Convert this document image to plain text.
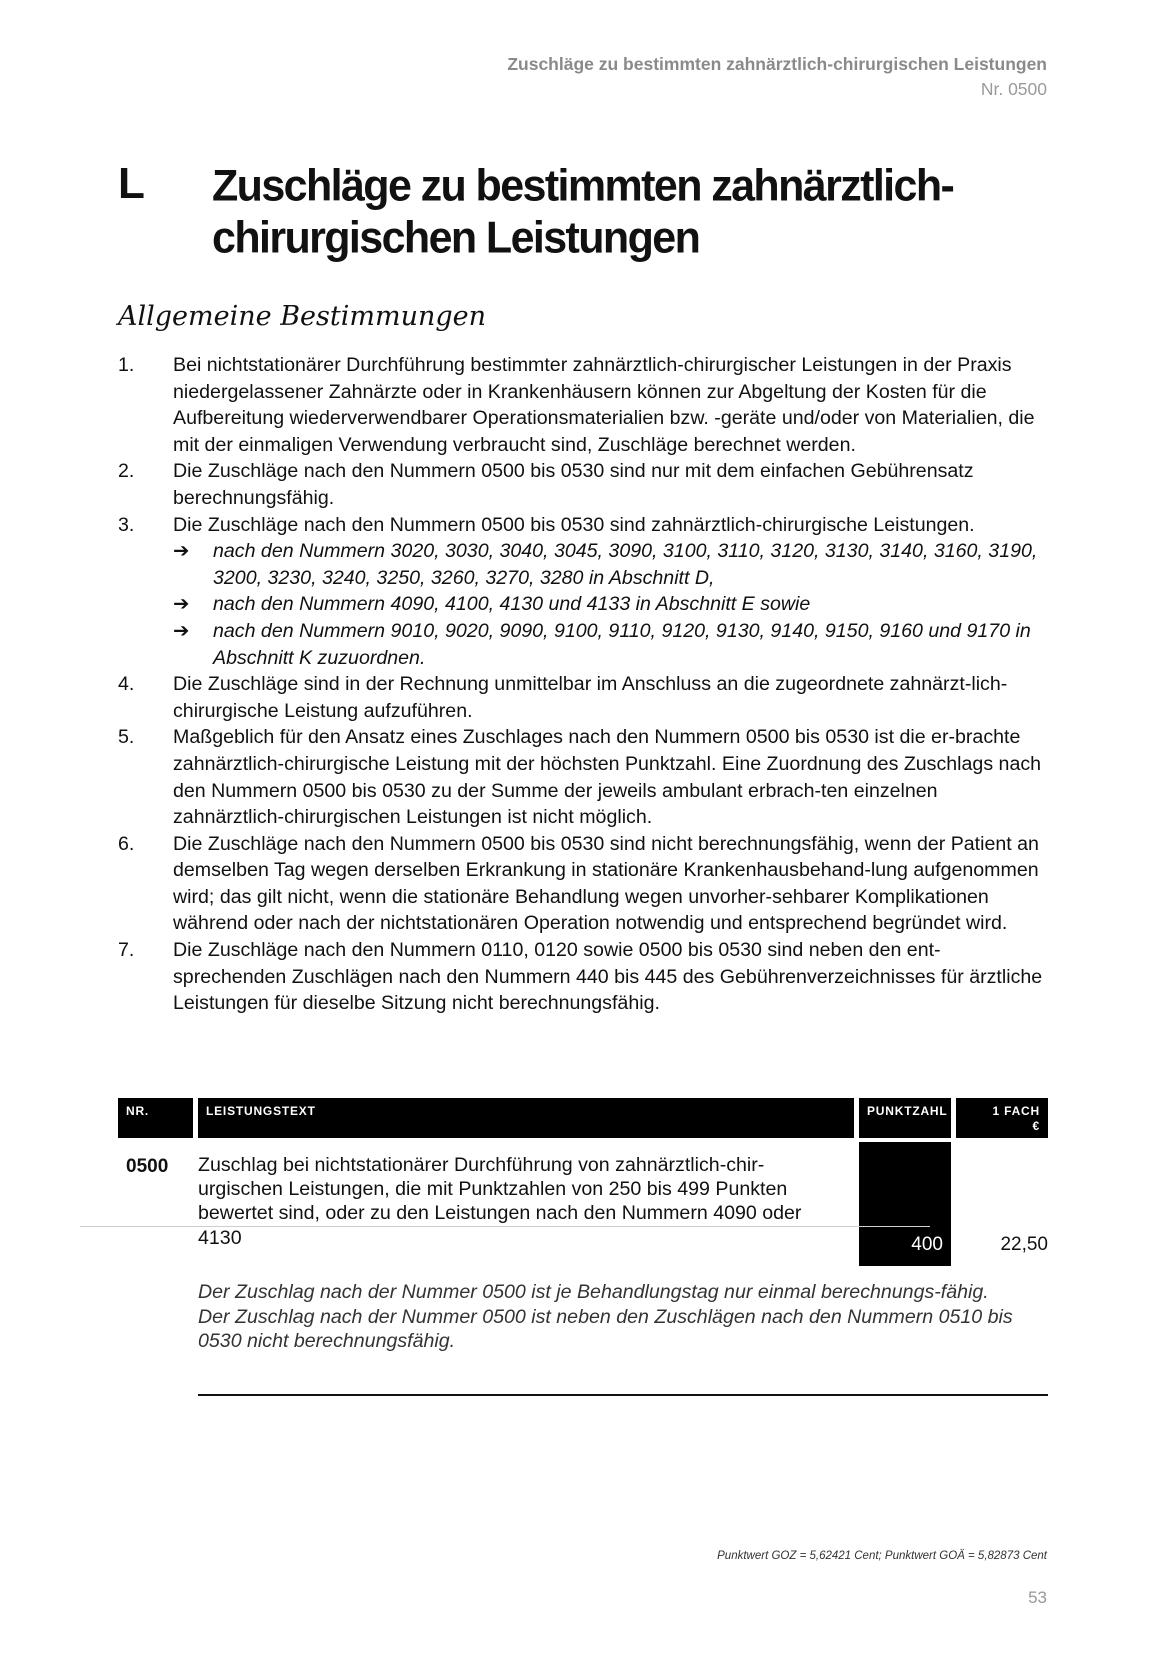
Zuschläge zu bestimmten zahnärztlich-chirurgischen Leistungen
Nr. 0500
L Zuschläge zu bestimmten zahnärztlich-
chirurgischen Leistungen
Allgemeine Bestimmungen
1. Bei nichtstationärer Durchführung bestimmter zahnärztlich-chirurgischer Leistungen in der Praxis niedergelassener Zahnärzte oder in Krankenhäusern können zur Abgeltung der Kosten für die Aufbereitung wiederverwendbarer Operationsmaterialien bzw. -geräte und/oder von Materialien, die mit der einmaligen Verwendung verbraucht sind, Zuschläge berechnet werden.
2. Die Zuschläge nach den Nummern 0500 bis 0530 sind nur mit dem einfachen Gebührensatz berechnungsfähig.
3. Die Zuschläge nach den Nummern 0500 bis 0530 sind zahnärztlich-chirurgische Leistungen.
➔ nach den Nummern 3020, 3030, 3040, 3045, 3090, 3100, 3110, 3120, 3130, 3140, 3160, 3190, 3200, 3230, 3240, 3250, 3260, 3270, 3280 in Abschnitt D,
➔ nach den Nummern 4090, 4100, 4130 und 4133 in Abschnitt E sowie
➔ nach den Nummern 9010, 9020, 9090, 9100, 9110, 9120, 9130, 9140, 9150, 9160 und 9170 in Abschnitt K zuzuordnen.
4. Die Zuschläge sind in der Rechnung unmittelbar im Anschluss an die zugeordnete zahnärzt-lich-chirurgische Leistung aufzuführen.
5. Maßgeblich für den Ansatz eines Zuschlages nach den Nummern 0500 bis 0530 ist die er-brachte zahnärztlich-chirurgische Leistung mit der höchsten Punktzahl. Eine Zuordnung des Zuschlags nach den Nummern 0500 bis 0530 zu der Summe der jeweils ambulant erbrach-ten einzelnen zahnärztlich-chirurgischen Leistungen ist nicht möglich.
6. Die Zuschläge nach den Nummern 0500 bis 0530 sind nicht berechnungsfähig, wenn der Patient an demselben Tag wegen derselben Erkrankung in stationäre Krankenhausbehand-lung aufgenommen wird; das gilt nicht, wenn die stationäre Behandlung wegen unvorher-sehbarer Komplikationen während oder nach der nichtstationären Operation notwendig und entsprechend begründet wird.
7. Die Zuschläge nach den Nummern 0110, 0120 sowie 0500 bis 0530 sind neben den ent-sprechenden Zuschlägen nach den Nummern 440 bis 445 des Gebührenverzeichnisses für ärztliche Leistungen für dieselbe Sitzung nicht berechnungsfähig.
NR.	LEISTUNGSTEXT	PUNKTZAHL	1 FACH
€
0500 Zuschlag bei nichtstationärer Durchführung von zahnärztlich-chir-urgischen Leistungen, die mit Punktzahlen von 250 bis 499 Punkten bewertet sind, oder zu den Leistungen nach den Nummern 4090 oder 4130	400	22,50
Der Zuschlag nach der Nummer 0500 ist je Behandlungstag nur einmal berechnungs-fähig. Der Zuschlag nach der Nummer 0500 ist neben den Zuschlägen nach den Nummern 0510 bis 0530 nicht berechnungsfähig.
Punktwert GOZ = 5,62421 Cent; Punktwert GOÄ = 5,82873 Cent
53
